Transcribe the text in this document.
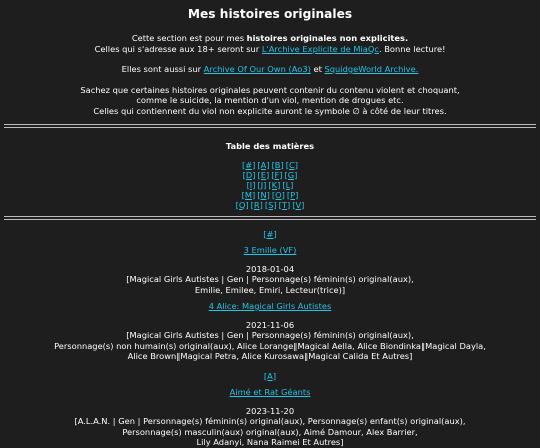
Mes histoires originales

Cette section est pour mes histoires originales non explicites.

Celles qui s'adresse aux 18+ seront sur L'Archive Explicite de MiaQc. Bonne lecture!

Elles sont aussi sur Archive Of Our Own (Ao3) et SquidgeWorld Archive.

Sachez que certaines histoires originales peuvent contenir du contenu violent et choquant,

comme le suicide, la mention d'un viol, mention de drogues etc.

Celles qui contiennent du viol non explicite auront le symbole ∅ à côté de leur titres.

Table des matières
[#] [A] [B] [C]
[D] [E] [F] [G]
[I] [J] [K] [L]
[M] [N] [O] [P]
[Q] [R] [S] [T] [V]
[#]
3 Emilie (VF)
2018-01-04
[Magical Girls Autistes | Gen | Personnage(s) féminin(s) original(aux),
Emilie, Emilee, Emiri, Lecteur(trice)]
4 Alice: Magical Girls Autistes
2021-11-06
[Magical Girls Autistes | Gen | Personnage(s) féminin(s) original(aux),
Personnage(s) non humain(s) original(aux), Alice Lorange‖Magical Aella, Alice Biondinka‖Magical Dayla,
Alice Brown‖Magical Petra, Alice Kurosawa‖Magical Calida Et Autres]
[A]
Aimé et Rat Géants
2023-11-20
[A.L.A.N. | Gen | Personnage(s) féminin(s) original(aux), Personnage(s) enfant(s) original(aux),
Personnage(s) masculin(aux) original(aux), Aimé Damour, Alex Barrier,
Lily Adanyi, Nana Raimei Et Autres]
